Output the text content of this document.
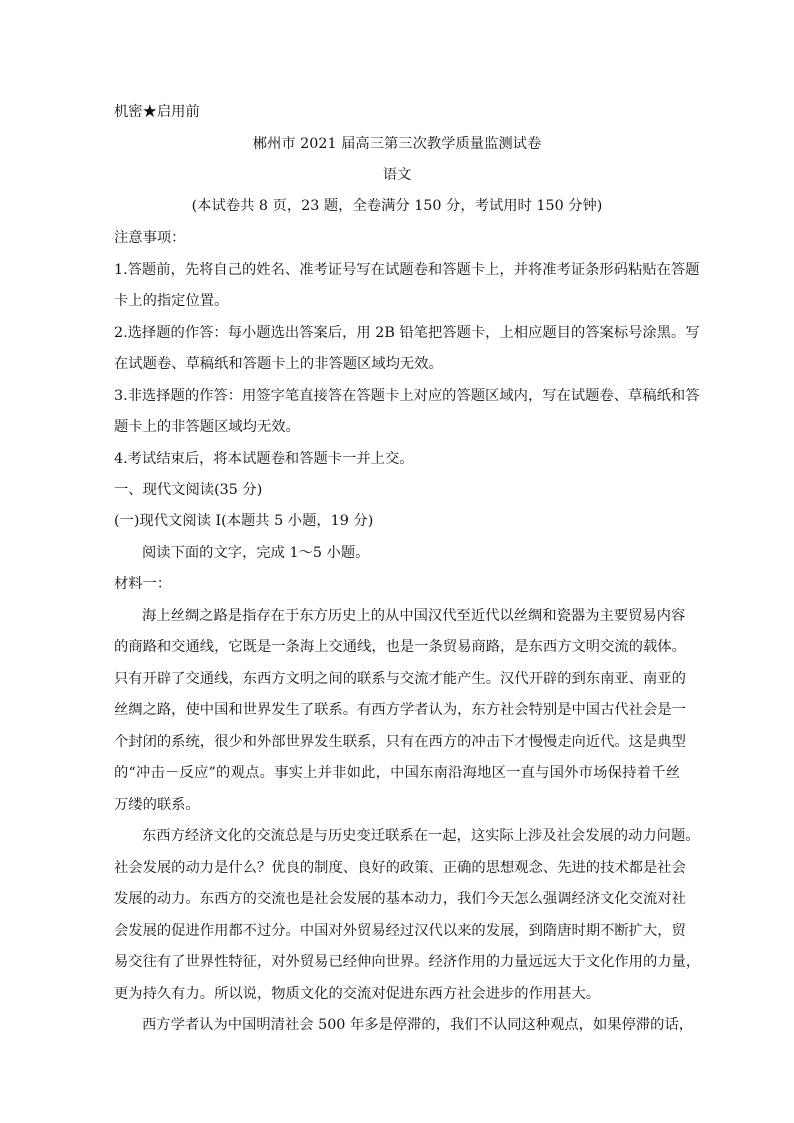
机密★启用前
郴州市 2021 届高三第三次教学质量监测试卷
语文
(本试卷共 8 页，23 题，全卷满分 150 分，考试用时 150 分钟)
注意事项：
1.答题前，先将自己的姓名、准考证号写在试题卷和答题卡上，并将准考证条形码粘贴在答题
卡上的指定位置。
2.选择题的作答：每小题选出答案后，用 2B 铅笔把答题卡，上相应题目的答案标号涂黑。写
在试题卷、草稿纸和答题卡上的非答题区域均无效。
3.非选择题的作答：用签字笔直接答在答题卡上对应的答题区域内，写在试题卷、草稿纸和答
题卡上的非答题区域均无效。
4.考试结束后，将本试题卷和答题卡一并上交。
一、现代文阅读(35 分)
(一)现代文阅读 I(本题共 5 小题，19 分)
阅读下面的文字，完成 1～5 小题。
材料一：
海上丝绸之路是指存在于东方历史上的从中国汉代至近代以丝绸和瓷器为主要贸易内容
的商路和交通线，它既是一条海上交通线，也是一条贸易商路，是东西方文明交流的载体。
只有开辟了交通线，东西方文明之间的联系与交流才能产生。汉代开辟的到东南亚、南亚的
丝绸之路，使中国和世界发生了联系。有西方学者认为，东方社会特别是中国古代社会是一
个封闭的系统，很少和外部世界发生联系，只有在西方的冲击下才慢慢走向近代。这是典型
的“冲击－反应”的观点。事实上并非如此，中国东南沿海地区一直与国外市场保持着千丝
万缕的联系。
东西方经济文化的交流总是与历史变迁联系在一起，这实际上涉及社会发展的动力问题。
社会发展的动力是什么？优良的制度、良好的政策、正确的思想观念、先进的技术都是社会
发展的动力。东西方的交流也是社会发展的基本动力，我们今天怎么强调经济文化交流对社
会发展的促进作用都不过分。中国对外贸易经过汉代以来的发展，到隋唐时期不断扩大，贸
易交往有了世界性特征，对外贸易已经伸向世界。经济作用的力量远远大于文化作用的力量，
更为持久有力。所以说，物质文化的交流对促进东西方社会进步的作用甚大。
西方学者认为中国明清社会 500 年多是停滞的，我们不认同这种观点，如果停滞的话，
